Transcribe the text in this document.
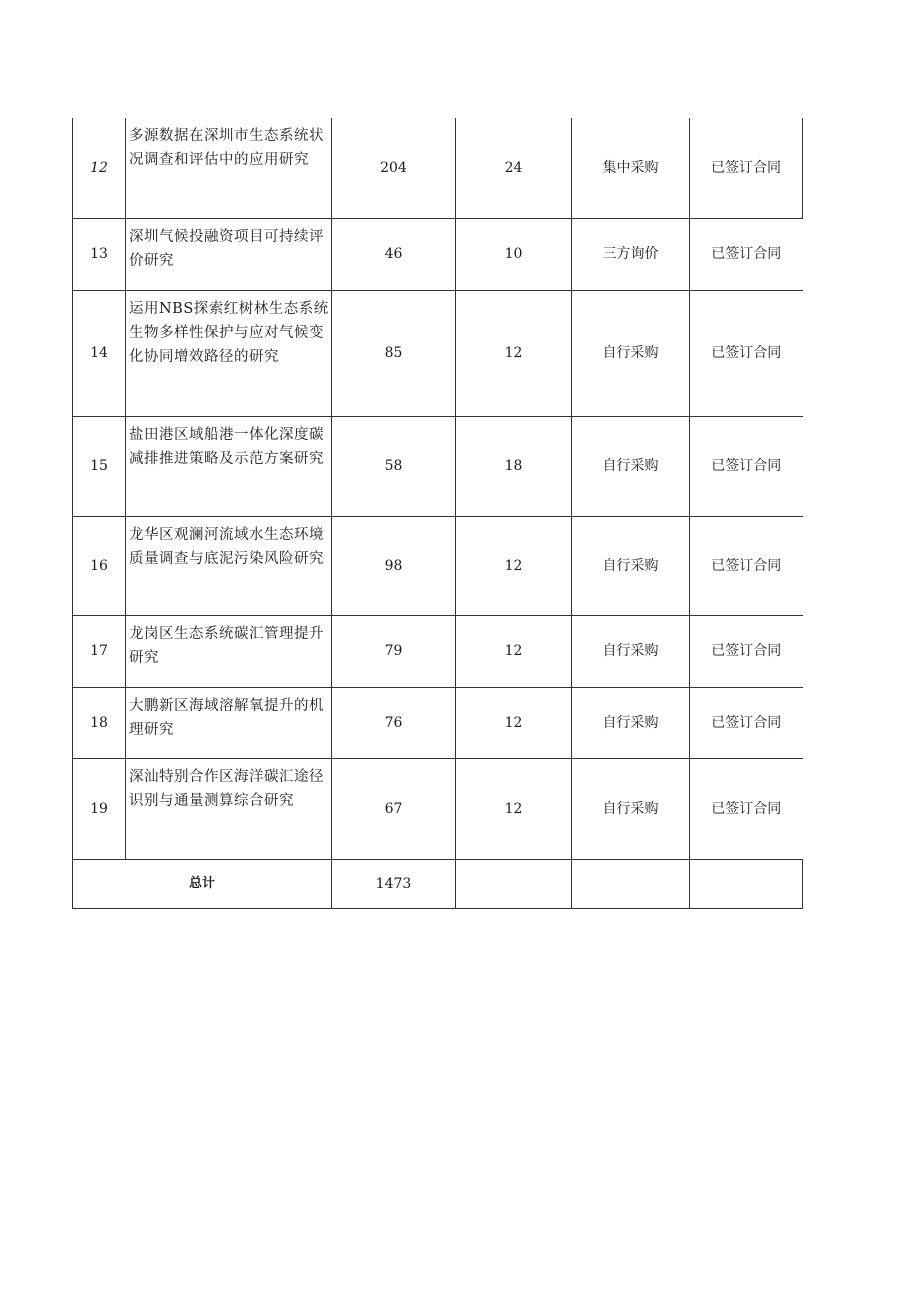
12	多源数据在深圳市生态系统状况调查和评估中的应用研究	204	24	集中采购	已签订合同
13	深圳气候投融资项目可持续评价研究	46	10	三方询价	已签订合同
14	运用NBS探索红树林生态系统生物多样性保护与应对气候变化协同增效路径的研究	85	12	自行采购	已签订合同
15	盐田港区域船港一体化深度碳减排推进策略及示范方案研究	58	18	自行采购	已签订合同
16	龙华区观澜河流域水生态环境质量调查与底泥污染风险研究	98	12	自行采购	已签订合同
17	龙岗区生态系统碳汇管理提升研究	79	12	自行采购	已签订合同
18	大鹏新区海域溶解氧提升的机理研究	76	12	自行采购	已签订合同
19	深汕特别合作区海洋碳汇途径识别与通量测算综合研究	67	12	自行采购	已签订合同
总计		1473			
